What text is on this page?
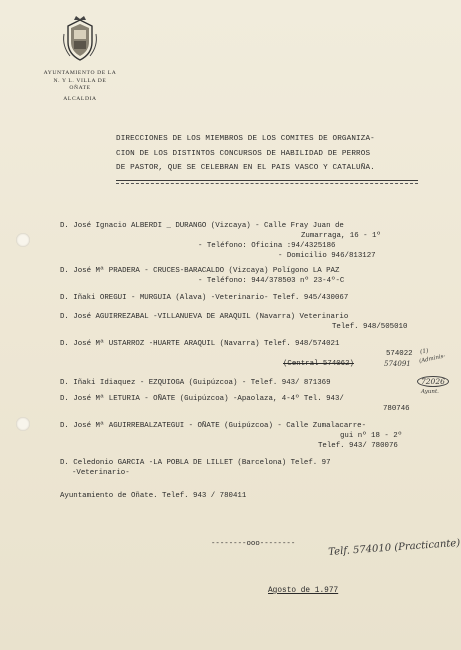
AYUNTAMIENTO DE LA
N. Y L. VILLA DE
OÑATE
ALCALDIA
DIRECCIONES DE LOS MIEMBROS DE LOS COMITES DE ORGANIZA-
CION DE LOS DISTINTOS CONCURSOS DE HABILIDAD DE PERROS
DE PASTOR, QUE SE CELEBRAN EN EL PAIS VASCO Y CATALUÑA.
D. José Ignacio ALBERDI _ DURANGO (Vizcaya) - Calle Fray Juan de
Zumarraga, 16 - 1º
- Teléfono: Oficina :94/4325186
- Domicilio 946/813127
D. José Mª PRADERA - CRUCES-BARACALDO (Vizcaya) Polígono LA PAZ
- Teléfono: 944/378503 nº 23-4º-C
D. Iñaki OREGUI - MURGUIA (Alava) -Veterinario- Telef. 945/430067
D. José AGUIRREZABAL -VILLANUEVA DE ARAQUIL (Navarra) Veterinario
Telef. 948/505010
D. José Mª USTARROZ -HUARTE ARAQUIL (Navarra) Telef. 948/574021
574022
(Central 574062)
D. Iñaki Idiaquez - EZQUIOGA (Guipúzcoa) - Telef. 943/ 871369
D. José Mª LETURIA - OÑATE (Guipúzcoa) -Apaolaza, 4-4º Tel. 943/
780746
D. José Mª AGUIRREBALZATEGUI - OÑATE (Guipúzcoa) - Calle Zumalacarre-
gui nº 18 - 2º
Telef. 943/ 780076
D. Celedonio GARCIA -LA POBLA DE LILLET (Barcelona) Telef. 97
-Veterinario-
Ayuntamiento de Oñate. Telef. 943 / 780411
--------ooo--------
Agosto de 1.977
574091
(1)
(Adminis-
72026
Ayunt.
Telf. 574010 (Practicante)
